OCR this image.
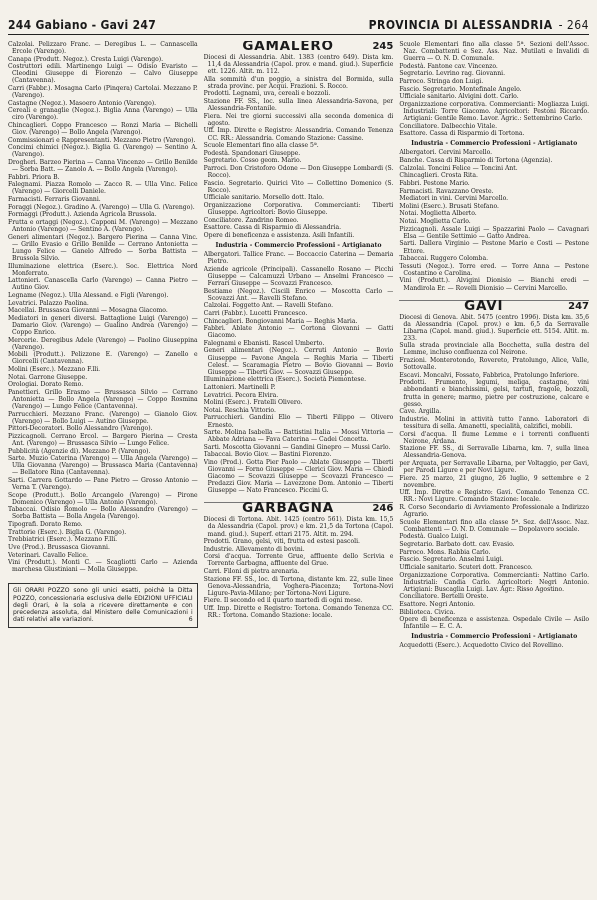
244 Gabiano - Gavi 247	PROVINCIA DI ALESSANDRIA - 264

Calzolai. Pelizzaro Franc. — Deregibus L. — Cannascella Ercole (Varengo).

Canapa (Produtt. Negoz.). Cresta Luigi (Varengo).

Costruttori edili. Martinengo Luigi — Odisio Evaristo — Cleodini Giuseppe di Fiorenzo — Calvo Giuseppe (Cantavenna).

Carri (Fabbr.). Mosagna Carlo (Pinqera) Cartolai. Mezzano P. (Varengo).

Castagne (Negoz.). Masoero Antonio (Varengo).

Cereali e granaglie (Negoz.). Biglia Anna (Varengo) — Ulla ciro (Varengo).

Chincaglieri. Coppo Francesco — Ronzi Maria — Bichelli Giov. (Varengo) — Bollo Angela (Varengo).

Commissionari e Rappresentanti. Mezzano Pietro (Varengo).

Concimi chimici (Negoz.). Biglia G. (Varengo) — Sentino A. (Varengo).

Drogheri. Barzeo Pierina — Canna Vincenzo — Grillo Benilde — Sorba Batt. — Zanolo A. — Bollo Angela (Varengo).

Fabbri. Priora B.

Falegnami. Piazza Romolo — Zacco R. — Ulla Vinc. Felice (Varengo) — Giorcelli Daniele.

Farmacisti. Ferraris Giovanni.

Foraggi (Negoz.). Gradino A. (Varengo) — Ulla G. (Varengo).

Formaggi (Produtt.). Azienda Agricola Brussola.

Frutta e ortaggi (Negoz.). Capponi M. (Varengo) — Mezzano Antonio (Varengo) — Sentino A. (Varengo).

Generi alimentari (Negoz.). Bargero Pierina — Canna Vinc. — Grillo Evasio e Grillo Benilde — Cerrano Antonietta — Lungo Felice — Ganelo Alfredo — Sorba Battista — Brussola Silvio.

Illuminazione elettrica (Eserc.). Soc. Elettrica Nord Monferrato.

Lattonieri. Canascella Carlo (Varengo) — Canna Pietro — Autino Giov.

Legname (Negoz.). Ulla Alessand. e Figli (Varengo).

Levatrici. Palazzo Paolina.

Macellai. Brussasca Giovanni — Mosagna Giacomo.

Mediatori in generi diversi. Battaglione Luigi (Varengo) — Damario Giov. (Varengo) — Gualino Andrea (Varengo) — Coppo Enrico.

Mercerie. Deregibus Adele (Varengo) — Paolino Giuseppina (Varengo).

Mobili (Produtt.). Pelizzone E. (Varengo) — Zanello e Giorcelli (Cantavenna).

Molini (Eserc.). Mezzano F.lli.

Notai. Garrone Giuseppe.

Orologiai. Dorato Remo.

Panettieri. Grillo Erasmo — Brussasca Silvio — Cerrano Antonietta — Bollo Angela (Varengo) — Coppo Rosmina (Varengo) — Lungo Felice (Cantavenna).

Parrucchieri. Mezzano Franc. (Varengo) — Gianolo Giov. (Varengo) — Bollo Luigi — Autino Giuseppe.

Pittori-Decoratori. Bollo Alessandro (Varengo).

Pizzicagnoli. Cerrano Ercol. — Bargero Pierina — Cresta Ant. (Varengo) — Brussasca Silvio — Lungo Felice.

Pubblicità (Agenzie di). Mezzano P. (Varengo).

Sarte. Muzio Caterina (Varengo) — Ulla Angela (Varengo) — Ulla Giovanna (Varengo) — Brussasca Maria (Cantavenna) — Bellatore Rina (Cantavenna).

Sarti. Carrera Gottardo — Pane Pietro — Grosso Antonio — Verna T. (Varengo).

Scope (Produtt.). Bollo Arcangelo (Varengo) — Pirone Domenico (Varengo) — Ulla Antonio (Varengo).

Tabaccai. Odisio Romolo — Bollo Alessandro (Varengo) — Sorba Battista — Bolla Angela (Varengo).

Tipografi. Dorato Remo.

Trattorie (Eserc.). Biglia G. (Varengo).

Trebbiatrici (Eserc.). Mezzano F.lli.

Uve (Prod.). Brussasca Giovanni.

Veterinari. Cavallo Felice.

Vini (Produtt.). Monti C. — Scagliotti Carlo — Azienda marchesa Giustiniani — Molla Giuseppe.

Gli ORARI POZZO sono gli unici esatti, poichè la Ditta POZZO, concessionaria esclusiva delle EDIZIONI UFFICIALI degli Orari, è la sola a ricevere direttamente e con precedenza assoluta, dal Ministero delle Comunicazioni i dati relativi alle variazioni.	6
GAMALERO	245

Diocesi di Alessandria. Abit. 1383 (centro 649). Dista km. 11,4 da Alessandria (Capol. prov. e mand. giud.). Superficie ett. 1226. Altit. m. 112.

Alla sommità d'un poggio, a sinistra del Bormida, sulla strada provinc. per Acqui. Frazioni. S. Rocco.

Prodotti. Legnami, uva, cereali e bozzoli.

Stazione FF. SS., loc. sulla linea Alessandria-Savona, per Alessandria-Fontanile.

Fiera. Nei tre giorni successivi alla seconda domenica di agosto.

Uff. Imp. Dirette e Registro: Alessandria. Comando Tenenza CC. RR.: Alessandria. Comando Stazione: Cassine.

Scuole Elementari fino alla classe 5ª.

Podestà. Spandonari Giuseppe.

Segretario. Cosso geom. Mario.

Parroci. Don Cristoforo Odone — Don Giuseppe Lombardi (S. Rocco).

Fascio. Segretario. Quirici Vito — Collettino Domenico (S. Rocco).

Ufficiale sanitario. Morsello dott. Italo.

Organizzazione Corporativa. Commercianti: Tiberti Giuseppe. Agricoltori: Bovio Giuseppe.

Conciliatore. Zandrino Romeo.

Esattore. Cassa di Risparmio di Alessandria.

Opere di beneficenza e assistenza. Asili Infantili.

Industria - Commercio Professioni - Artigianato

Albergatori. Tallice Franc. — Boccaccio Caterina — Demaria Pietro.

Aziende agricole (Principali). Cassanello Rosano — Picchi Giuseppe — Calcamuzzi Urbano — Anselmi Francesco — Ferrari Giuseppe — Scovazzi Francesco.

Bestiame (Negoz.). Ciscili Enrico — Moscotta Carlo — Scovazzi Ant. — Ravelli Stefano.

Calzolai. Foggetto Ant. — Ravelli Stefano.

Carri (Fabbr.). Lucetti Francesco.

Chincaglieri. Bongiovanni Maria — Reghis Maria.

Fabbri. Ablate Antonio — Cortona Giovanni — Gatti Giacomo.

Falegnami e Ebanisti. Rascel Umberto.

Generi alimentari (Negoz.). Cerruti Antonio — Bovio Giuseppe — Pavone Angela — Reghis Maria — Tiberti Celest. — Scaramagia Pietro — Bovio Giovanni — Bovio Giuseppe — Tiberti Giov. — Scovazzi Giuseppe.

Illuminazione elettrica (Eserc.). Società Piemontese.

Lattonieri. Martinelli P.

Levatrici. Pecora Elvira.

Molini (Eserc.). Fratelli Olivero.

Notai. Reschia Vittorio.

Parrucchieri. Gandini Elio — Tiberti Filippo — Olivero Ernesto.

Sarte. Molina Isabella — Battistini Italia — Mossi Vittoria — Abbate Adriana — Fava Caterina — Cadei Concetta.

Sarti. Moscotta Giovanni — Gandini Ginepro — Mussi Carlo.

Tabaccai. Bovio Giov. — Bastini Fiorenzo.

Vino (Prod.). Gotta Pier Paolo — Ablate Giuseppe — Tiberti Giovanni — Forno Giuseppe — Clerici Giov. Maria — Chiodi Giacomo — Scovazzi Giuseppe — Scovazzi Francesco — Predazzi Giov. Maria — Lavezzone Dom. Antonio — Tiberti Giuseppe — Nato Francesco. Piccini G.

GARBAGNA	246

Diocesi di Tortona. Abit. 1425 (centro 561). Dista km. 15,5 da Alessandria (Capol. prov.) e km. 21,5 da Tortona (Capol. mand. giud.). Superf. ettari 2175. Altit. m. 294.

Prodotti. Grano, gelsi, viti, frutta ed estesi pascoli.

Industrie. Allevamento di bovini.

Corsi d'acqua. Torrente Grue, affluente dello Scrivia e Torrente Garbagna, affluente del Grue.

Carri. Filoni di pietra arenaria.

Stazione FF. SS., loc. di Tortona, distante km. 22, sulle linee Genova-Alessandria, Voghera-Piacenza; Tortona-Novi Ligure-Pavia-Milano; per Tortona-Novi Ligure.

Fiere. Il secondo ed il quarto martedì di ogni mese.

Uff. Imp. Dirette e Registro: Tortona. Comando Tenenza CC. RR.: Tortona. Comando Stazione: locale.

Scuole Elementari fino alla classe 5ª. Sezioni dell'Assoc. Naz. Combattenti e Sez. Ass. Naz. Mutilati e Invalidi di Guerra — O. N. D. Comunale.

Podestà. Fantone cav. Vincenzo.

Segretario. Levrino rag. Giovanni.

Parroco. Stringa don Luigi.

Fascio. Segretario. Montefinale Angelo.

Ufficiale sanitario. Alvigini dott. Carlo.

Organizzazione corporativa. Commercianti: Mogliazza Luigi. Industriali: Torre Giacomo. Agricoltori: Pestoni Riccardo. Artigiani: Gentile Remo. Lavor. Agric.: Settembrino Carlo.

Conciliatore. Dalbecchio Vitale.

Esattore. Cassa di Risparmio di Tortona.

Industria - Commercio Professioni - Artigianato

Albergatori. Cervini Marcello.

Banche. Cassa di Risparmio di Tortona (Agenzia).

Calzolai. Toncini Felice — Toncini Ant.

Chincaglieri. Crosta Rita.

Fabbri. Pestone Mario.

Farmacisti. Ravazzano Oreste.

Mediatori in vini. Cervini Marcello.

Molini (Eserc.). Brusati Stefano.

Notai. Moglietta Alberto.

Notai. Moglietta Carlo.

Pizzicagnoli. Assale Luigi — Spazzarini Paolo — Cavagnari Elsa — Gentile Settimio — Gatto Andrea.

Sarti. Dallera Virginio — Pestone Mario e Costi — Pestone Ettore.

Tabaccai. Ruggero Colomba.

Tessuti (Negoz.). Torre ered. — Torre Anna — Pestone Costantino e Carolina.

Vini (Produtt.). Alvigini Dionisio — Bianchi eredi — Mandirola Er. — Rovelli Dionisio — Cervini Marcello.

GAVI	247

Diocesi di Genova. Abit. 5475 (centro 1996). Dista km. 35,6 da Alessandria (Capol. prov.) e km. 6,5 da Serravalle Libarna (Capol. mand. giud.). Superficie ett. 5154. Altit. m. 233.

Sulla strada provinciale alla Bocchetta, sulla destra del Lemme, incluso confluenza col Neirone.

Frazioni. Monterotondo, Rovereto, Pratolungo, Alice, Valle, Sottovalle.

Escavi. Moncalvi, Fossato, Fabbrica, Pratolungo Inferiore.

Prodotti. Frumento, legumi, meliga, castagne, vini abbondanti e bianchissimi, gelsi, tartufi, fragole, bozzoli, frutta in genere; marmo, pietre per costruzione, calcare e gesso.

Cave. Argilla.

Industrie. Molini in attività tutto l'anno. Laboratori di tessitura di sella. Amanetti, specialità, calzifici, mobili.

Corsi d'acqua. Il fiume Lemme e i torrenti confluenti Neirone, Ardana.

Stazione FF. SS., di Serravalle Libarna, km. 7, sulla linea Alessandria-Genova.

per Arquata, per Serravalle Libarna, per Voltaggio, per Gavi, per Parodi Ligure e per Novi Ligure.

Fiere. 25 marzo, 21 giugno, 26 luglio, 9 settembre e 2 novembre.

Uff. Imp. Dirette e Registro: Gavi. Comando Tenenza CC. RR.: Novi Ligure. Comando Stazione: locale.

R. Corso Secondario di Avviamento Professionale a Indirizzo Agrario.

Scuole Elementari fino alla classe 5ª. Sez. dell'Assoc. Naz. Combattenti — O. N. D. Comunale — Dopolavoro sociale.

Podestà. Gualco Luigi.

Segretario. Barbato dott. cav. Evasio.

Parroco. Mons. Rabbia Carlo.

Fascio. Segretario. Anselmi Luigi.

Ufficiale sanitario. Scuteri dott. Francesco.

Organizzazione Corporativa. Commercianti: Nattino Carlo. Industriali: Candia Carlo. Agricoltori: Negri Antonio. Artigiani: Buscaglia Luigi. Lav. Agr.: Risso Agostino.

Conciliatore. Bertelli Oreste.

Esattore. Negri Antonio.

Biblioteca. Civica.

Opere di beneficenza e assistenza. Ospedale Civile — Asilo Infantile — E. C. A.

Industria - Commercio Professioni - Artigianato

Acquedotti (Eserc.). Acquedotto Civico del Rovellino.
